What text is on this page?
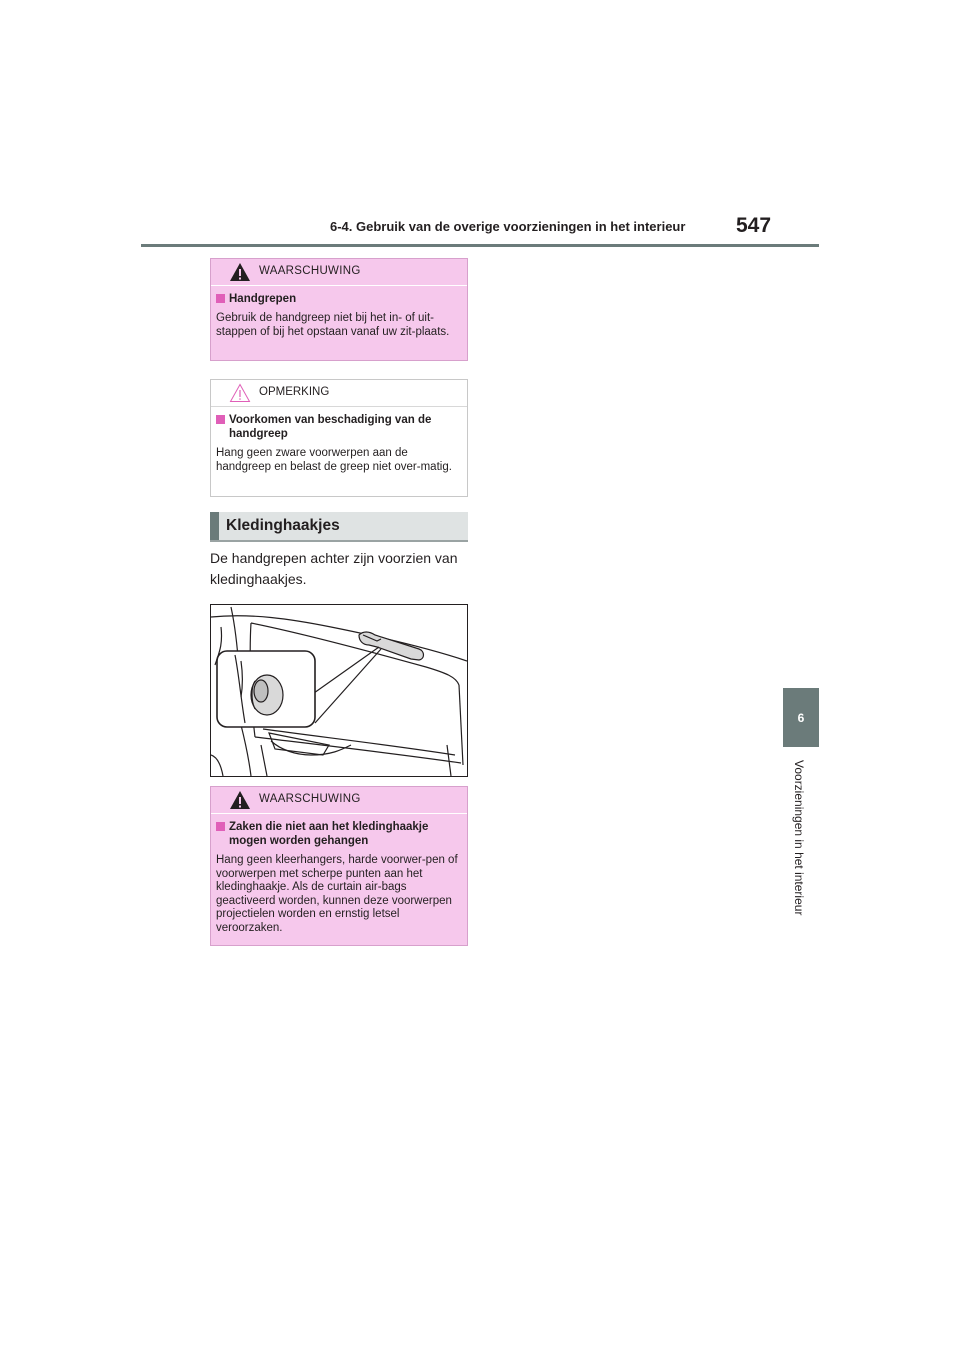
6-4. Gebruik van de overige voorzieningen in het interieur	547
6
Voorzieningen in het interieur
WAARSCHUWING
Handgrepen
Gebruik de handgreep niet bij het in- of uit-stappen of bij het opstaan vanaf uw zit-plaats.
OPMERKING
Voorkomen van beschadiging van de handgreep
Hang geen zware voorwerpen aan de handgreep en belast de greep niet over-matig.
Kledinghaakjes
De handgrepen achter zijn voorzien van kledinghaakjes.
WAARSCHUWING
Zaken die niet aan het kledinghaakje mogen worden gehangen
Hang geen kleerhangers, harde voorwer-pen of voorwerpen met scherpe punten aan het kledinghaakje. Als de curtain air-bags geactiveerd worden, kunnen deze voorwerpen projectielen worden en ernstig letsel veroorzaken.
